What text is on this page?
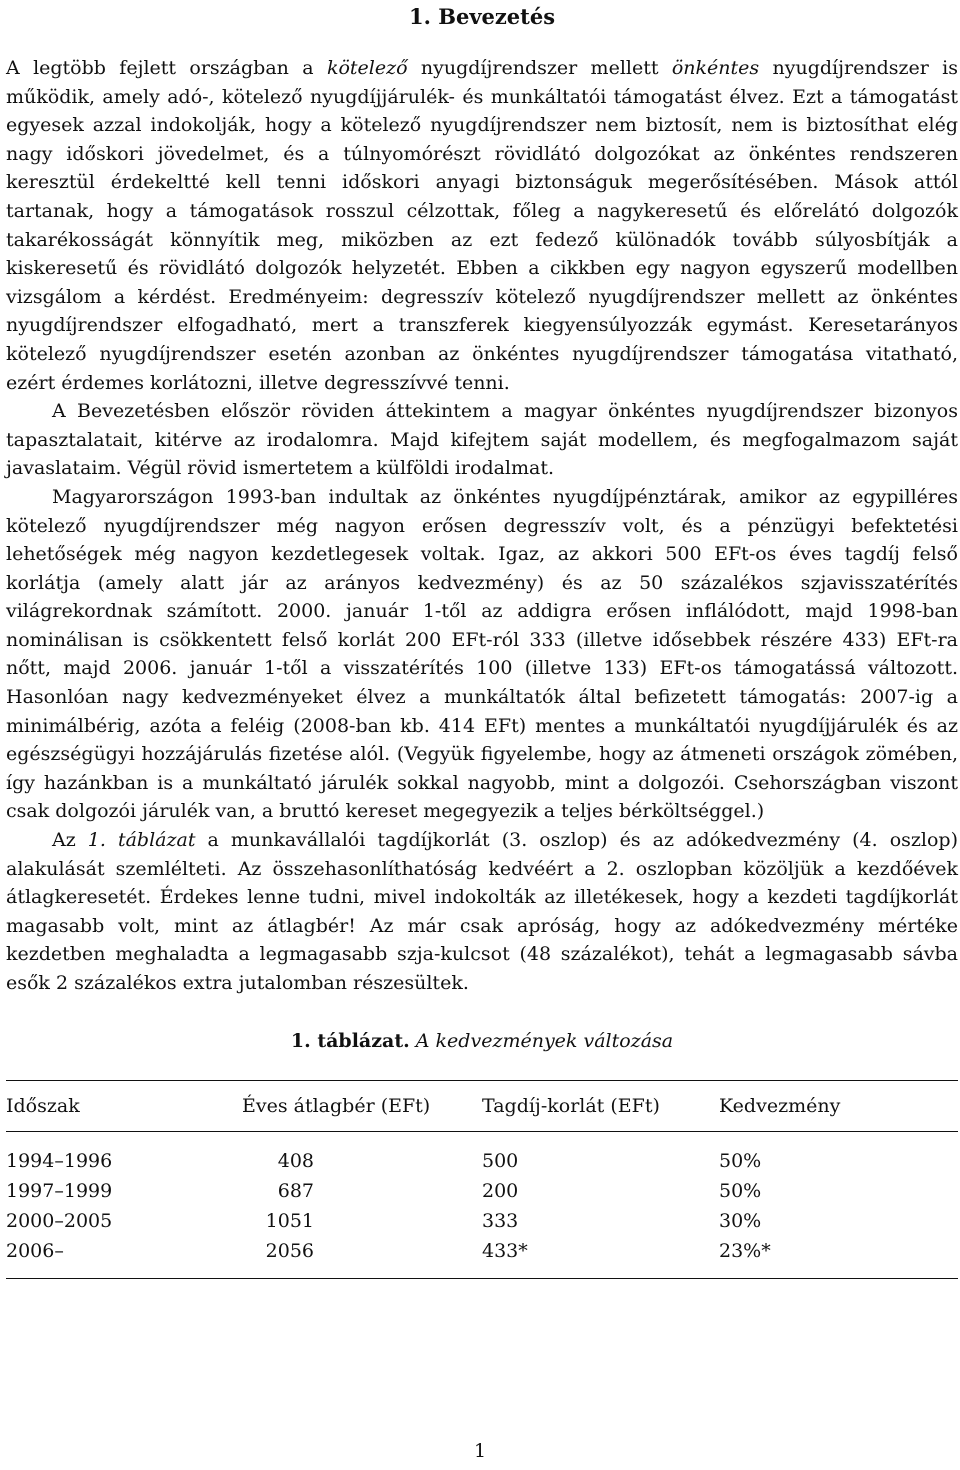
1. Bevezetés

A legtöbb fejlett országban a kötelező nyugdíjrendszer mellett önkéntes nyugdíjrendszer is működik, amely adó-, kötelező nyugdíjjárulék- és munkáltatói támogatást élvez. Ezt a támogatást egyesek azzal indokolják, hogy a kötelező nyugdíjrendszer nem biztosít, nem is biztosíthat elég nagy időskori jövedelmet, és a túlnyomórészt rövidlátó dolgozókat az önkéntes rendszeren keresztül érdekeltté kell tenni időskori anyagi biztonságuk megerősítésében. Mások attól tartanak, hogy a támogatások rosszul célzottak, főleg a nagykeresetű és előrelátó dolgozók takarékosságát könnyítik meg, miközben az ezt fedező különadók tovább súlyosbítják a kiskeresetű és rövidlátó dolgozók helyzetét. Ebben a cikkben egy nagyon egyszerű modellben vizsgálom a kérdést. Eredményeim: degresszív kötelező nyugdíjrendszer mellett az önkéntes nyugdíjrendszer elfogadható, mert a transzferek kiegyensúlyozzák egymást. Keresetarányos kötelező nyugdíjrendszer esetén azonban az önkéntes nyugdíjrendszer támogatása vitatható, ezért érdemes korlátozni, illetve degresszívvé tenni.

A Bevezetésben először röviden áttekintem a magyar önkéntes nyugdíjrendszer bizonyos tapasztalatait, kitérve az irodalomra. Majd kifejtem saját modellem, és megfogalmazom saját javaslataim. Végül rövid ismertetem a külföldi irodalmat.

Magyarországon 1993-ban indultak az önkéntes nyugdíjpénztárak, amikor az egypilléres kötelező nyugdíjrendszer még nagyon erősen degresszív volt, és a pénzügyi befektetési lehetőségek még nagyon kezdetlegesek voltak. Igaz, az akkori 500 EFt-os éves tagdíj felső korlátja (amely alatt jár az arányos kedvezmény) és az 50 százalékos szjavisszatérítés világrekordnak számított. 2000. január 1-től az addigra erősen inflálódott, majd 1998-ban nominálisan is csökkentett felső korlát 200 EFt-ról 333 (illetve idősebbek részére 433) EFt-ra nőtt, majd 2006. január 1-től a visszatérítés 100 (illetve 133) EFt-os támogatássá változott. Hasonlóan nagy kedvezményeket élvez a munkáltatók által befizetett támogatás: 2007-ig a minimálbérig, azóta a feléig (2008-ban kb. 414 EFt) mentes a munkáltatói nyugdíjjárulék és az egészségügyi hozzájárulás fizetése alól. (Vegyük figyelembe, hogy az átmeneti országok zömében, így hazánkban is a munkáltató járulék sokkal nagyobb, mint a dolgozói. Csehországban viszont csak dolgozói járulék van, a bruttó kereset megegyezik a teljes bérköltséggel.)

Az 1. táblázat a munkavállalói tagdíjkorlát (3. oszlop) és az adókedvezmény (4. oszlop) alakulását szemlélteti. Az összehasonlíthatóság kedvéért a 2. oszlopban közöljük a kezdőévek átlagkeresetét. Érdekes lenne tudni, mivel indokolták az illetékesek, hogy a kezdeti tagdíjkorlát magasabb volt, mint az átlagbér! Az már csak apróság, hogy az adókedvezmény mértéke kezdetben meghaladta a legmagasabb szja-kulcsot (48 százalékot), tehát a legmagasabb sávba esők 2 százalékos extra jutalomban részesültek.

1. táblázat. A kedvezmények változása
Időszak	Éves átlagbér (EFt)	Tagdíj-korlát (EFt)	Kedvezmény
1994–1996	408	500	50%
1997–1999	687	200	50%
2000–2005	1051	333	30%
2006–	2056	433*	23%*
1
